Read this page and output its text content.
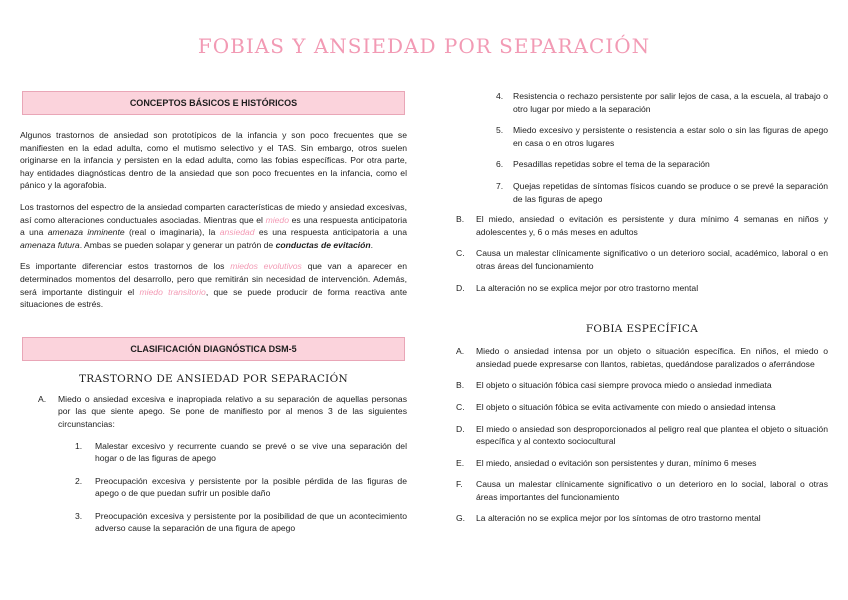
FOBIAS Y ANSIEDAD POR SEPARACIÓN
CONCEPTOS BÁSICOS E HISTÓRICOS

Algunos trastornos de ansiedad son prototípicos de la infancia y son poco frecuentes que se manifiesten en la edad adulta, como el mutismo selectivo y el TAS. Sin embargo, otros suelen originarse en la infancia y persisten en la edad adulta, como las fobias específicas. Por otra parte, hay entidades diagnósticas dentro de la ansiedad que son poco frecuentes en la infancia, como el pánico y la agorafobia.

Los trastornos del espectro de la ansiedad comparten características de miedo y ansiedad excesivas, así como alteraciones conductuales asociadas. Mientras que el miedo es una respuesta anticipatoria a una amenaza inminente (real o imaginaria), la ansiedad es una respuesta anticipatoria a una amenaza futura. Ambas se pueden solapar y generar un patrón de conductas de evitación.

Es importante diferenciar estos trastornos de los miedos evolutivos que van a aparecer en determinados momentos del desarrollo, pero que remitirán sin necesidad de intervención. Además, será importante distinguir el miedo transitorio, que se puede producir de forma reactiva ante situaciones de estrés.

CLASIFICACIÓN DIAGNÓSTICA DSM-5
TRASTORNO DE ANSIEDAD POR SEPARACIÓN
A.	Miedo o ansiedad excesiva e inapropiada relativo a su separación de aquellas personas por las que siente apego. Se pone de manifiesto por al menos 3 de las siguientes circunstancias:
1.	Malestar excesivo y recurrente cuando se prevé o se vive una separación del hogar o de las figuras de apego
2.	Preocupación excesiva y persistente por la posible pérdida de las figuras de apego o de que puedan sufrir un posible daño
3.	Preocupación excesiva y persistente por la posibilidad de que un acontecimiento adverso cause la separación de una figura de apego
4.	Resistencia o rechazo persistente por salir lejos de casa, a la escuela, al trabajo o otro lugar por miedo a la separación
5.	Miedo excesivo y persistente o resistencia a estar solo o sin las figuras de apego en casa o en otros lugares
6.	Pesadillas repetidas sobre el tema de la separación
7.	Quejas repetidas de síntomas físicos cuando se produce o se prevé la separación de las figuras de apego
B.	El miedo, ansiedad o evitación es persistente y dura mínimo 4 semanas en niños y adolescentes y, 6 o más meses en adultos
C.	Causa un malestar clínicamente significativo o un deterioro social, académico, laboral o en otras áreas del funcionamiento
D.	La alteración no se explica mejor por otro trastorno mental
FOBIA ESPECÍFICA
A.	Miedo o ansiedad intensa por un objeto o situación específica. En niños, el miedo o ansiedad puede expresarse con llantos, rabietas, quedándose paralizados o aferrándose
B.	El objeto o situación fóbica casi siempre provoca miedo o ansiedad inmediata
C.	El objeto o situación fóbica se evita activamente con miedo o ansiedad intensa
D.	El miedo o ansiedad son desproporcionados al peligro real que plantea el objeto o situación específica y al contexto sociocultural
E.	El miedo, ansiedad o evitación son persistentes y duran, mínimo 6 meses
F.	Causa un malestar clínicamente significativo o un deterioro en lo social, laboral o otras áreas importantes del funcionamiento
G.	La alteración no se explica mejor por los síntomas de otro trastorno mental
